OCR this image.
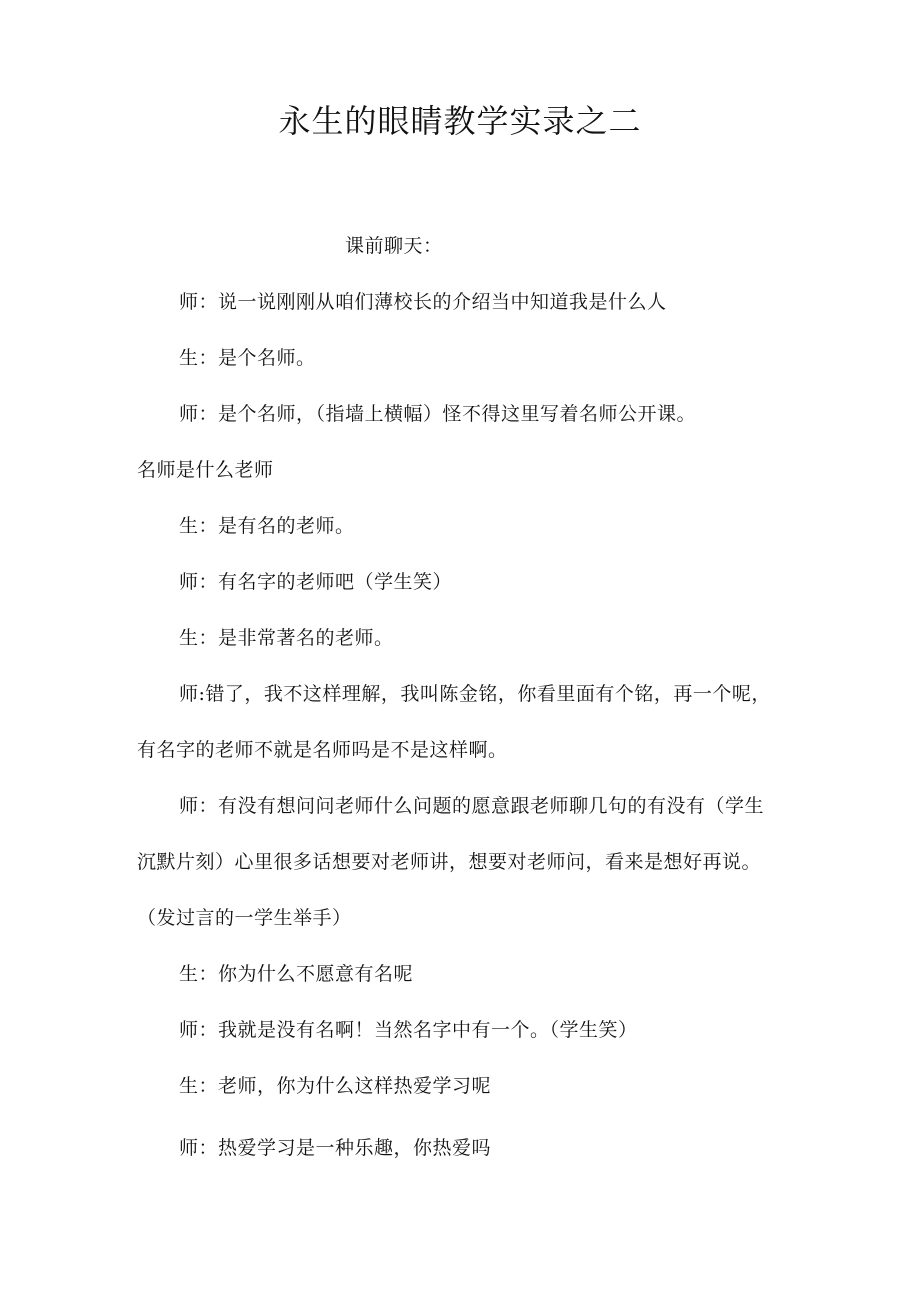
永生的眼睛教学实录之二
课前聊天：
师：说一说刚刚从咱们薄校长的介绍当中知道我是什么人
生：是个名师。
师：是个名师，（指墙上横幅）怪不得这里写着名师公开课。
名师是什么老师
生：是有名的老师。
师：有名字的老师吧（学生笑）
生：是非常著名的老师。
师:错了，我不这样理解，我叫陈金铭，你看里面有个铭，再一个呢，
有名字的老师不就是名师吗是不是这样啊。
师：有没有想问问老师什么问题的愿意跟老师聊几句的有没有（学生
沉默片刻）心里很多话想要对老师讲，想要对老师问，看来是想好再说。
（发过言的一学生举手）
生：你为什么不愿意有名呢
师：我就是没有名啊！当然名字中有一个。（学生笑）
生：老师，你为什么这样热爱学习呢
师：热爱学习是一种乐趣，你热爱吗
